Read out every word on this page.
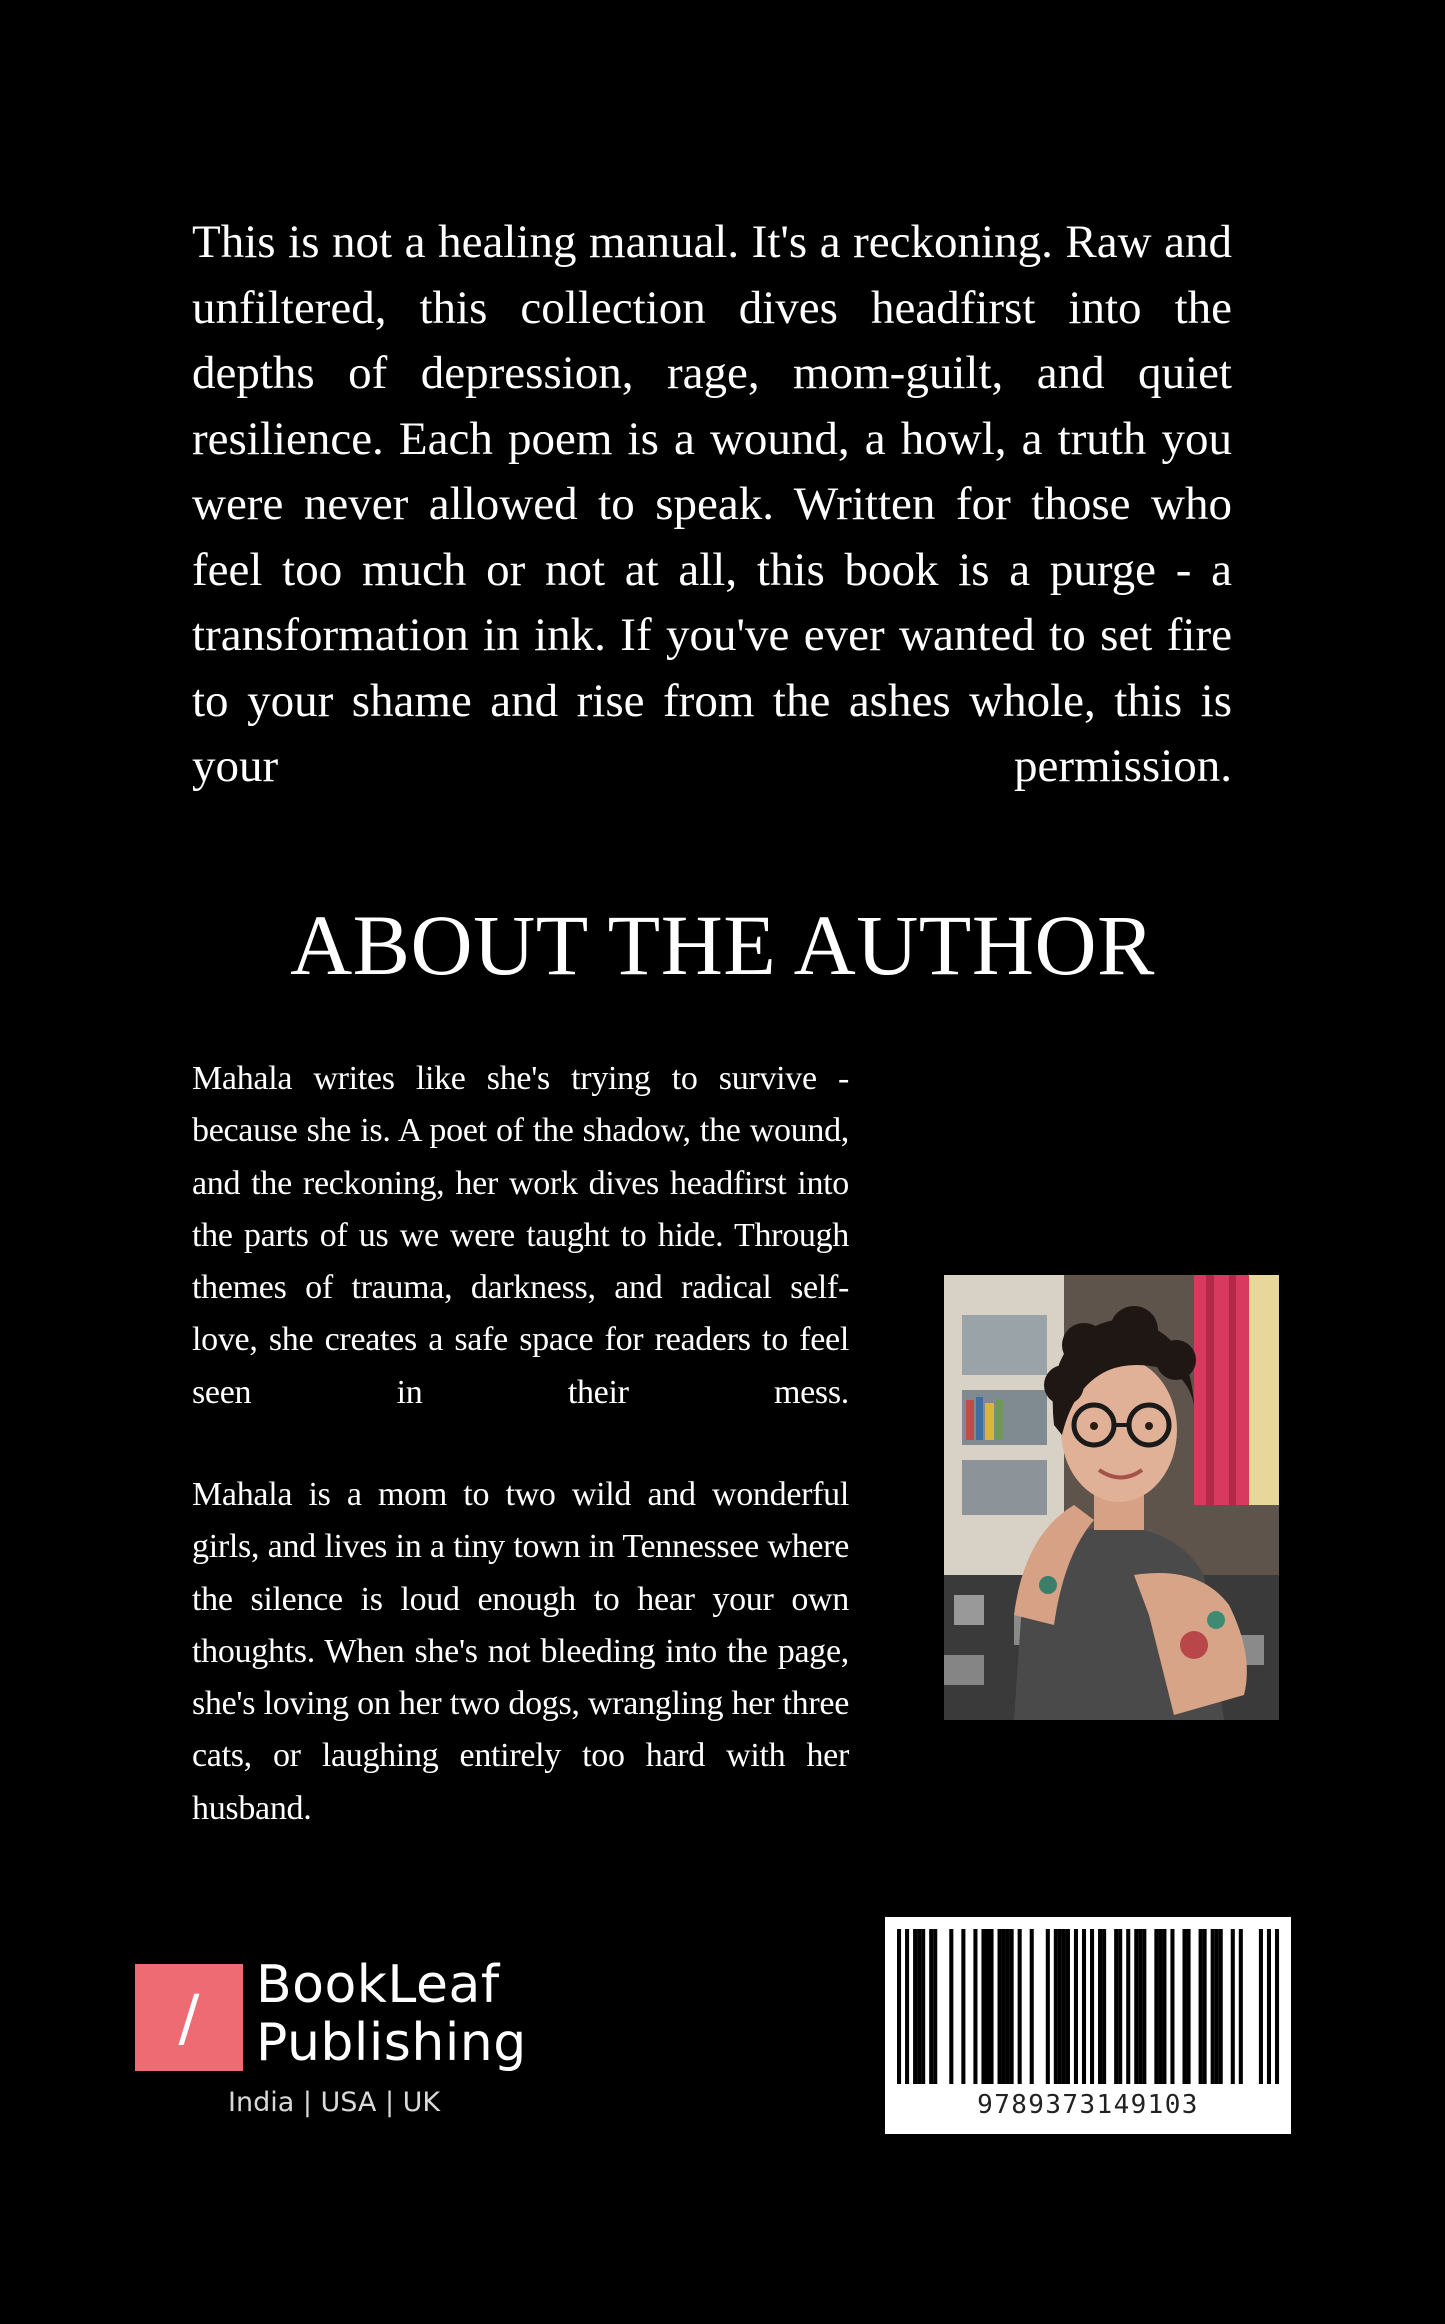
This is not a healing manual. It's a reckoning. Raw and unfiltered, this collection dives headfirst into the depths of depression, rage, mom-guilt, and quiet resilience. Each poem is a wound, a howl, a truth you were never allowed to speak. Written for those who feel too much or not at all, this book is a purge - a transformation in ink. If you've ever wanted to set fire to your shame and rise from the ashes whole, this is your permission.

ABOUT THE AUTHOR

Mahala writes like she's trying to survive - because she is. A poet of the shadow, the wound, and the reckoning, her work dives headfirst into the parts of us we were taught to hide. Through themes of trauma, darkness, and radical self-love, she creates a safe space for readers to feel seen in their mess.

Mahala is a mom to two wild and wonderful girls, and lives in a tiny town in Tennessee where the silence is loud enough to hear your own thoughts. When she's not bleeding into the page, she's loving on her two dogs, wrangling her three cats, or laughing entirely too hard with her husband.

/	BookLeaf
Publishing
India | USA | UK	9789373149103
